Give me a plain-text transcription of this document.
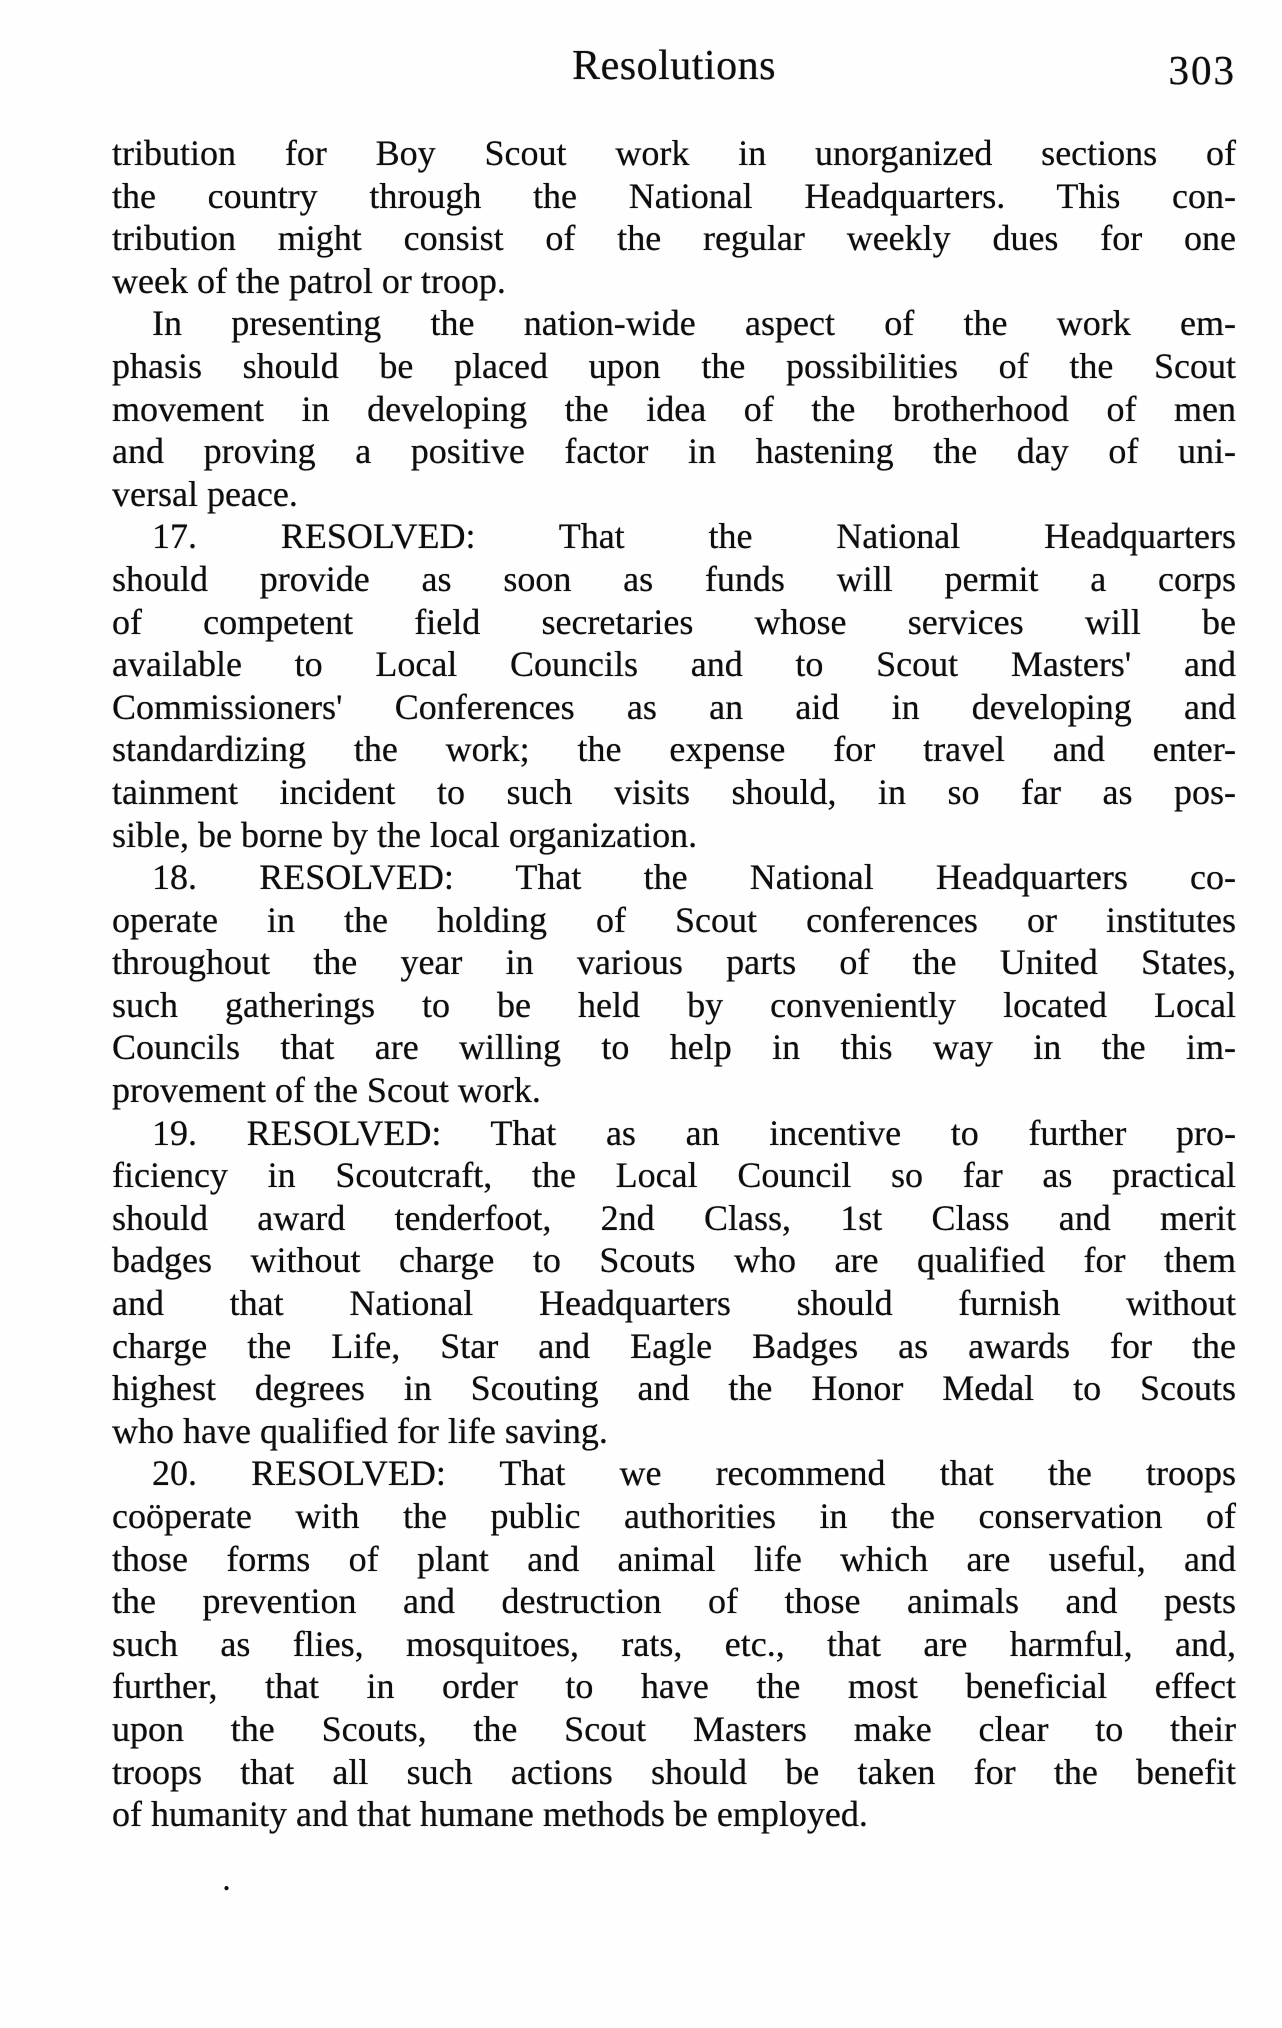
Resolutions	303
tribution for Boy Scout work in unorganized sections of
the country through the National Headquarters. This con-
tribution might consist of the regular weekly dues for one
week of the patrol or troop.
In presenting the nation-wide aspect of the work em-
phasis should be placed upon the possibilities of the Scout
movement in developing the idea of the brotherhood of men
and proving a positive factor in hastening the day of uni-
versal peace.
17. RESOLVED: That the National Headquarters
should provide as soon as funds will permit a corps
of competent field secretaries whose services will be
available to Local Councils and to Scout Masters' and
Commissioners' Conferences as an aid in developing and
standardizing the work; the expense for travel and enter-
tainment incident to such visits should, in so far as pos-
sible, be borne by the local organization.
18. RESOLVED: That the National Headquarters co-
operate in the holding of Scout conferences or institutes
throughout the year in various parts of the United States,
such gatherings to be held by conveniently located Local
Councils that are willing to help in this way in the im-
provement of the Scout work.
19. RESOLVED: That as an incentive to further pro-
ficiency in Scoutcraft, the Local Council so far as practical
should award tenderfoot, 2nd Class, 1st Class and merit
badges without charge to Scouts who are qualified for them
and that National Headquarters should furnish without
charge the Life, Star and Eagle Badges as awards for the
highest degrees in Scouting and the Honor Medal to Scouts
who have qualified for life saving.
20. RESOLVED: That we recommend that the troops
coöperate with the public authorities in the conservation of
those forms of plant and animal life which are useful, and
the prevention and destruction of those animals and pests
such as flies, mosquitoes, rats, etc., that are harmful, and,
further, that in order to have the most beneficial effect
upon the Scouts, the Scout Masters make clear to their
troops that all such actions should be taken for the benefit
of humanity and that humane methods be employed.
.
